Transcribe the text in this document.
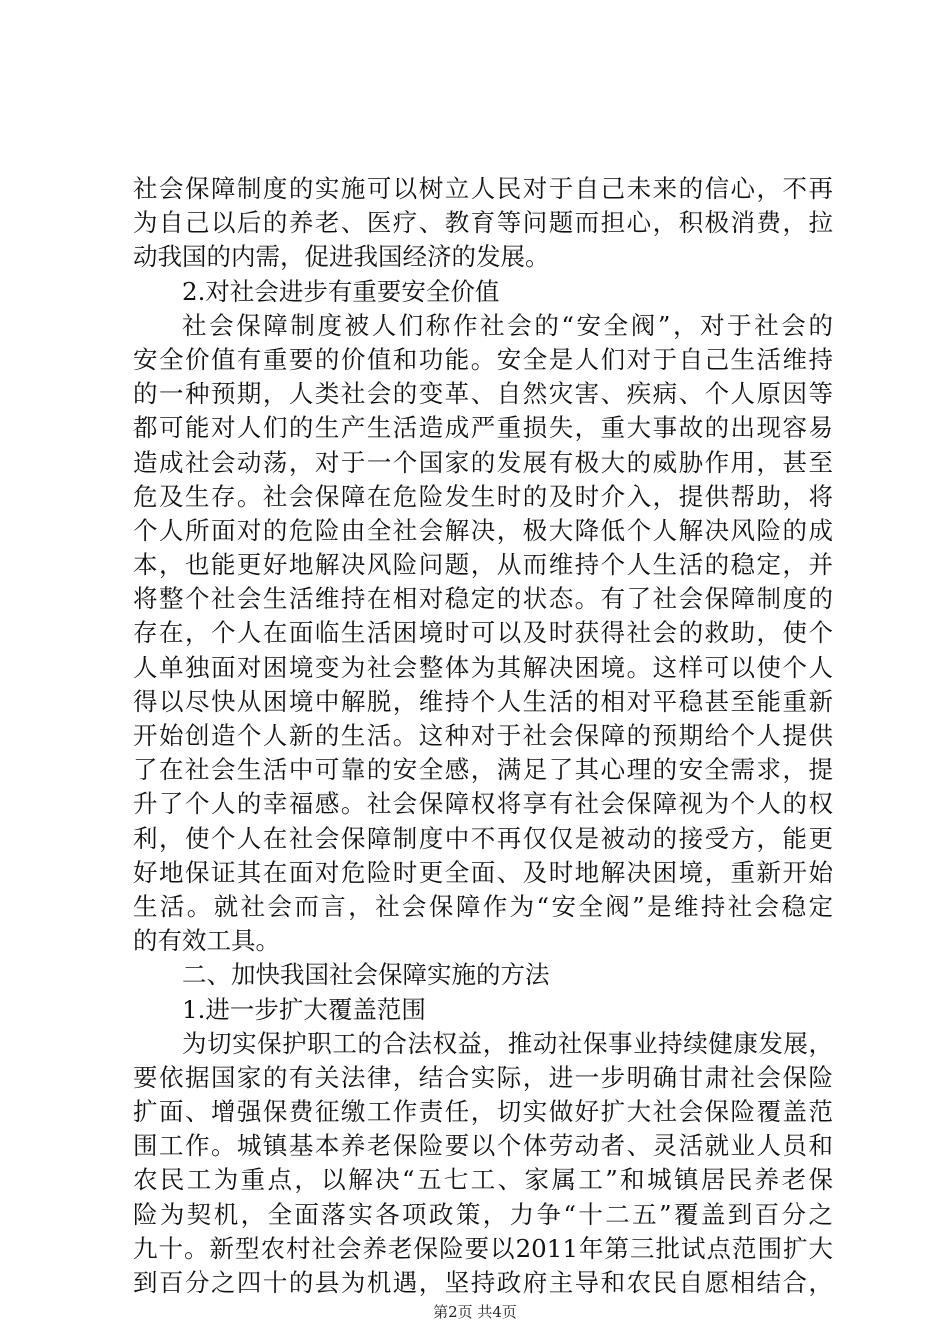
社会保障制度的实施可以树立人民对于自己未来的信心，不再
为自己以后的养老、医疗、教育等问题而担心，积极消费，拉
动我国的内需，促进我国经济的发展。
2.对社会进步有重要安全价值
社会保障制度被人们称作社会的“安全阀”，对于社会的
安全价值有重要的价值和功能。安全是人们对于自己生活维持
的一种预期，人类社会的变革、自然灾害、疾病、个人原因等
都可能对人们的生产生活造成严重损失，重大事故的出现容易
造成社会动荡，对于一个国家的发展有极大的威胁作用，甚至
危及生存。社会保障在危险发生时的及时介入，提供帮助，将
个人所面对的危险由全社会解决，极大降低个人解决风险的成
本，也能更好地解决风险问题，从而维持个人生活的稳定，并
将整个社会生活维持在相对稳定的状态。有了社会保障制度的
存在，个人在面临生活困境时可以及时获得社会的救助，使个
人单独面对困境变为社会整体为其解决困境。这样可以使个人
得以尽快从困境中解脱，维持个人生活的相对平稳甚至能重新
开始创造个人新的生活。这种对于社会保障的预期给个人提供
了在社会生活中可靠的安全感，满足了其心理的安全需求，提
升了个人的幸福感。社会保障权将享有社会保障视为个人的权
利，使个人在社会保障制度中不再仅仅是被动的接受方，能更
好地保证其在面对危险时更全面、及时地解决困境，重新开始
生活。就社会而言，社会保障作为“安全阀”是维持社会稳定
的有效工具。
二、加快我国社会保障实施的方法
1.进一步扩大覆盖范围
为切实保护职工的合法权益，推动社保事业持续健康发展，
要依据国家的有关法律，结合实际，进一步明确甘肃社会保险
扩面、增强保费征缴工作责任，切实做好扩大社会保险覆盖范
围工作。城镇基本养老保险要以个体劳动者、灵活就业人员和
农民工为重点，以解决“五七工、家属工”和城镇居民养老保
险为契机，全面落实各项政策，力争“十二五”覆盖到百分之
九十。新型农村社会养老保险要以2011年第三批试点范围扩大
到百分之四十的县为机遇，坚持政府主导和农民自愿相结合，
第2页 共4页
